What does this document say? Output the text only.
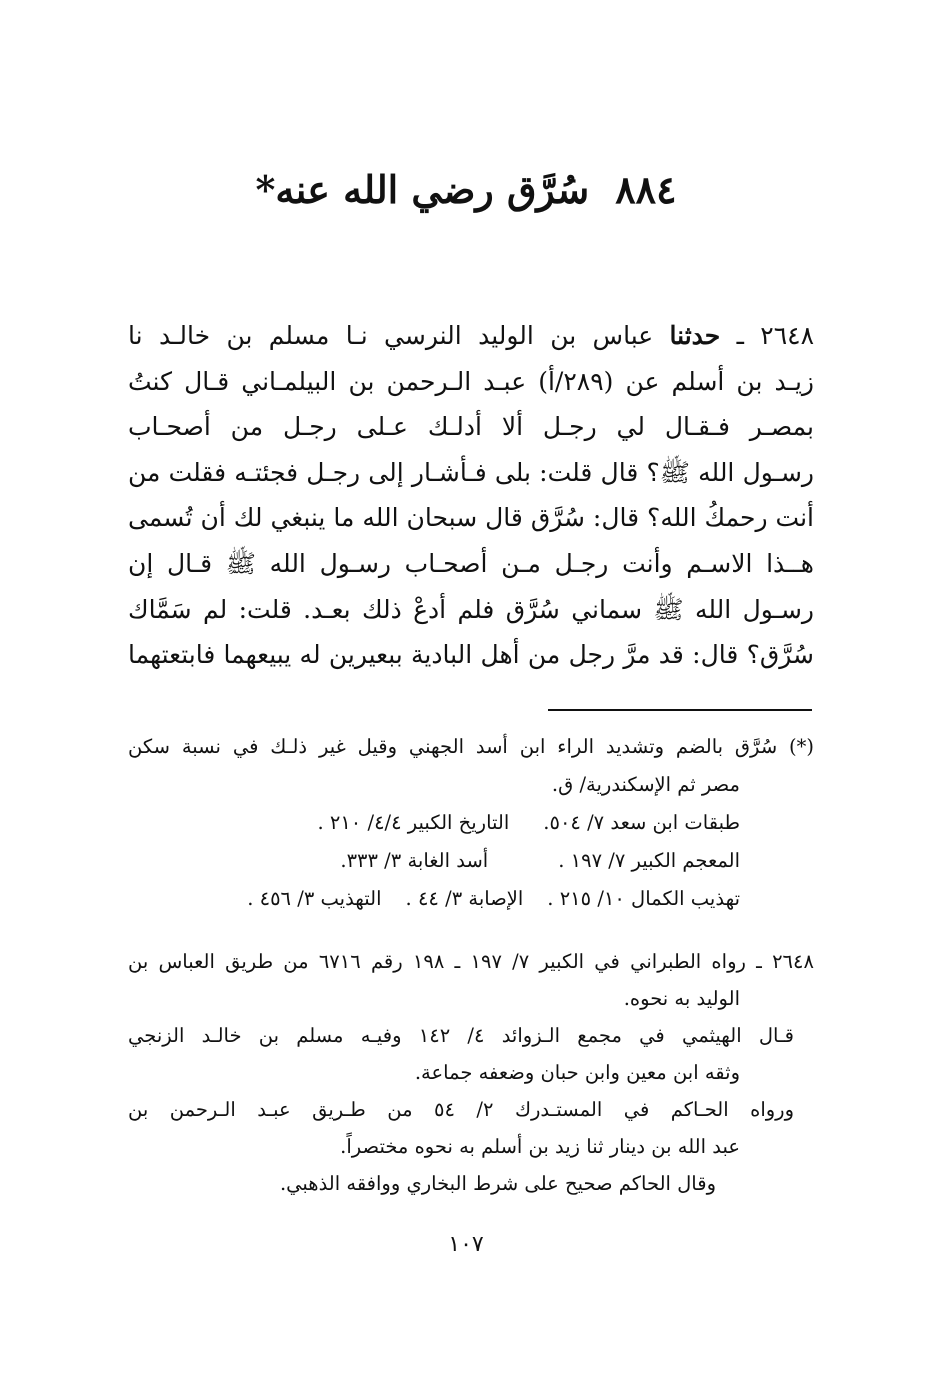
٨٨٤سُرَّق رضي الله عنه*
٢٦٤٨ ـ حدثنا عباس بن الوليد النرسي نـا مسلم بن خالـد نا
زيـد بن أسلم عن (٢٨٩/أ) عبـد الـرحمن بن البيلمـاني قـال كنتُ
بمصـر فـقـال لي رجـل ألا أدلـك عـلى رجـل من أصحـاب
رسـول الله ﷺ؟ قال قلت: بلى فـأشـار إلى رجـل فجئتـه فقلت من
أنت رحمكُ الله؟ قال: سُرَّق قال سبحان الله ما ينبغي لك أن تُسمى
هــذا الاسـم وأنت رجـل مـن أصحـاب رسـول الله ﷺ قـال إن
رسـول الله ﷺ سماني سُرَّق فلم أدعْ ذلك بعـد. قلت: لم سَمَّاك
سُرَّق؟ قال: قد مرَّ رجل من أهل البادية ببعيرين له يبيعهما فابتعتهما
(*) سُرَّق بالضم وتشديد الراء ابن أسد الجهني وقيل غير ذلـك في نسبة سكن
مصر ثم الإسكندرية/ ق.
طبقات ابن سعد ٧/ ٥٠٤.التاريخ الكبير ٤/٤/ ٢١٠ .
المعجم الكبير ٧/ ١٩٧ .أسد الغابة ٣/ ٣٣٣.
تهذيب الكمال ١٠/ ٢١٥ .الإصابة ٣/ ٤٤ .التهذيب ٣/ ٤٥٦ .
٢٦٤٨ ـ رواه الطبراني في الكبير ٧/ ١٩٧ ـ ١٩٨ رقم ٦٧١٦ من طريق العباس بن
الوليد به نحوه.
قـال الهيثمي في مجمع الـزوائد ٤/ ١٤٢ وفيـه مسلم بن خالـد الزنجي
وثقه ابن معين وابن حبان وضعفه جماعة.
ورواه الحـاكم في المستـدرك ٢/ ٥٤ من طـريق عبـد الـرحمن بن
عبد الله بن دينار ثنا زيد بن أسلم به نحوه مختصراً.
وقال الحاكم صحيح على شرط البخاري ووافقه الذهبي.
١٠٧
